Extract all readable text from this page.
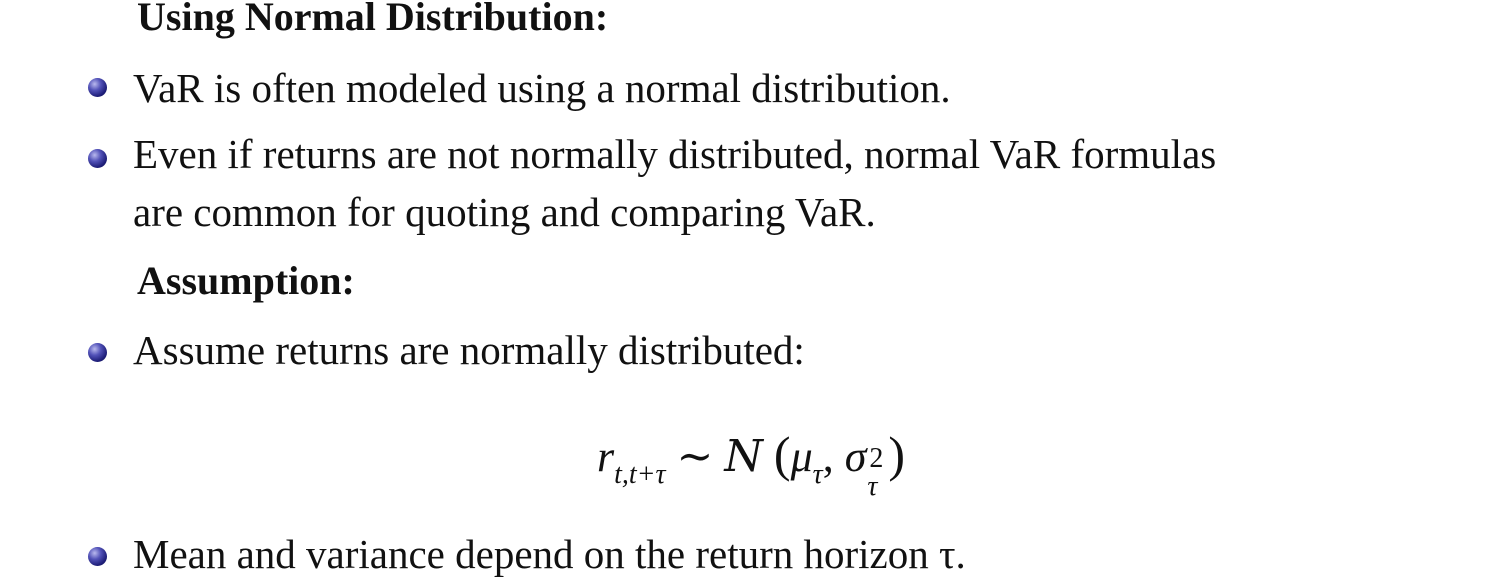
Using Normal Distribution:
VaR is often modeled using a normal distribution.
Even if returns are not normally distributed, normal VaR formulas
are common for quoting and comparing VaR.
Assumption:
Assume returns are normally distributed:
$r_{t,t+\tau}$ ∼ N ($\mu_\tau$, σ 2
τ
)
Mean and variance depend on the return horizon τ.
